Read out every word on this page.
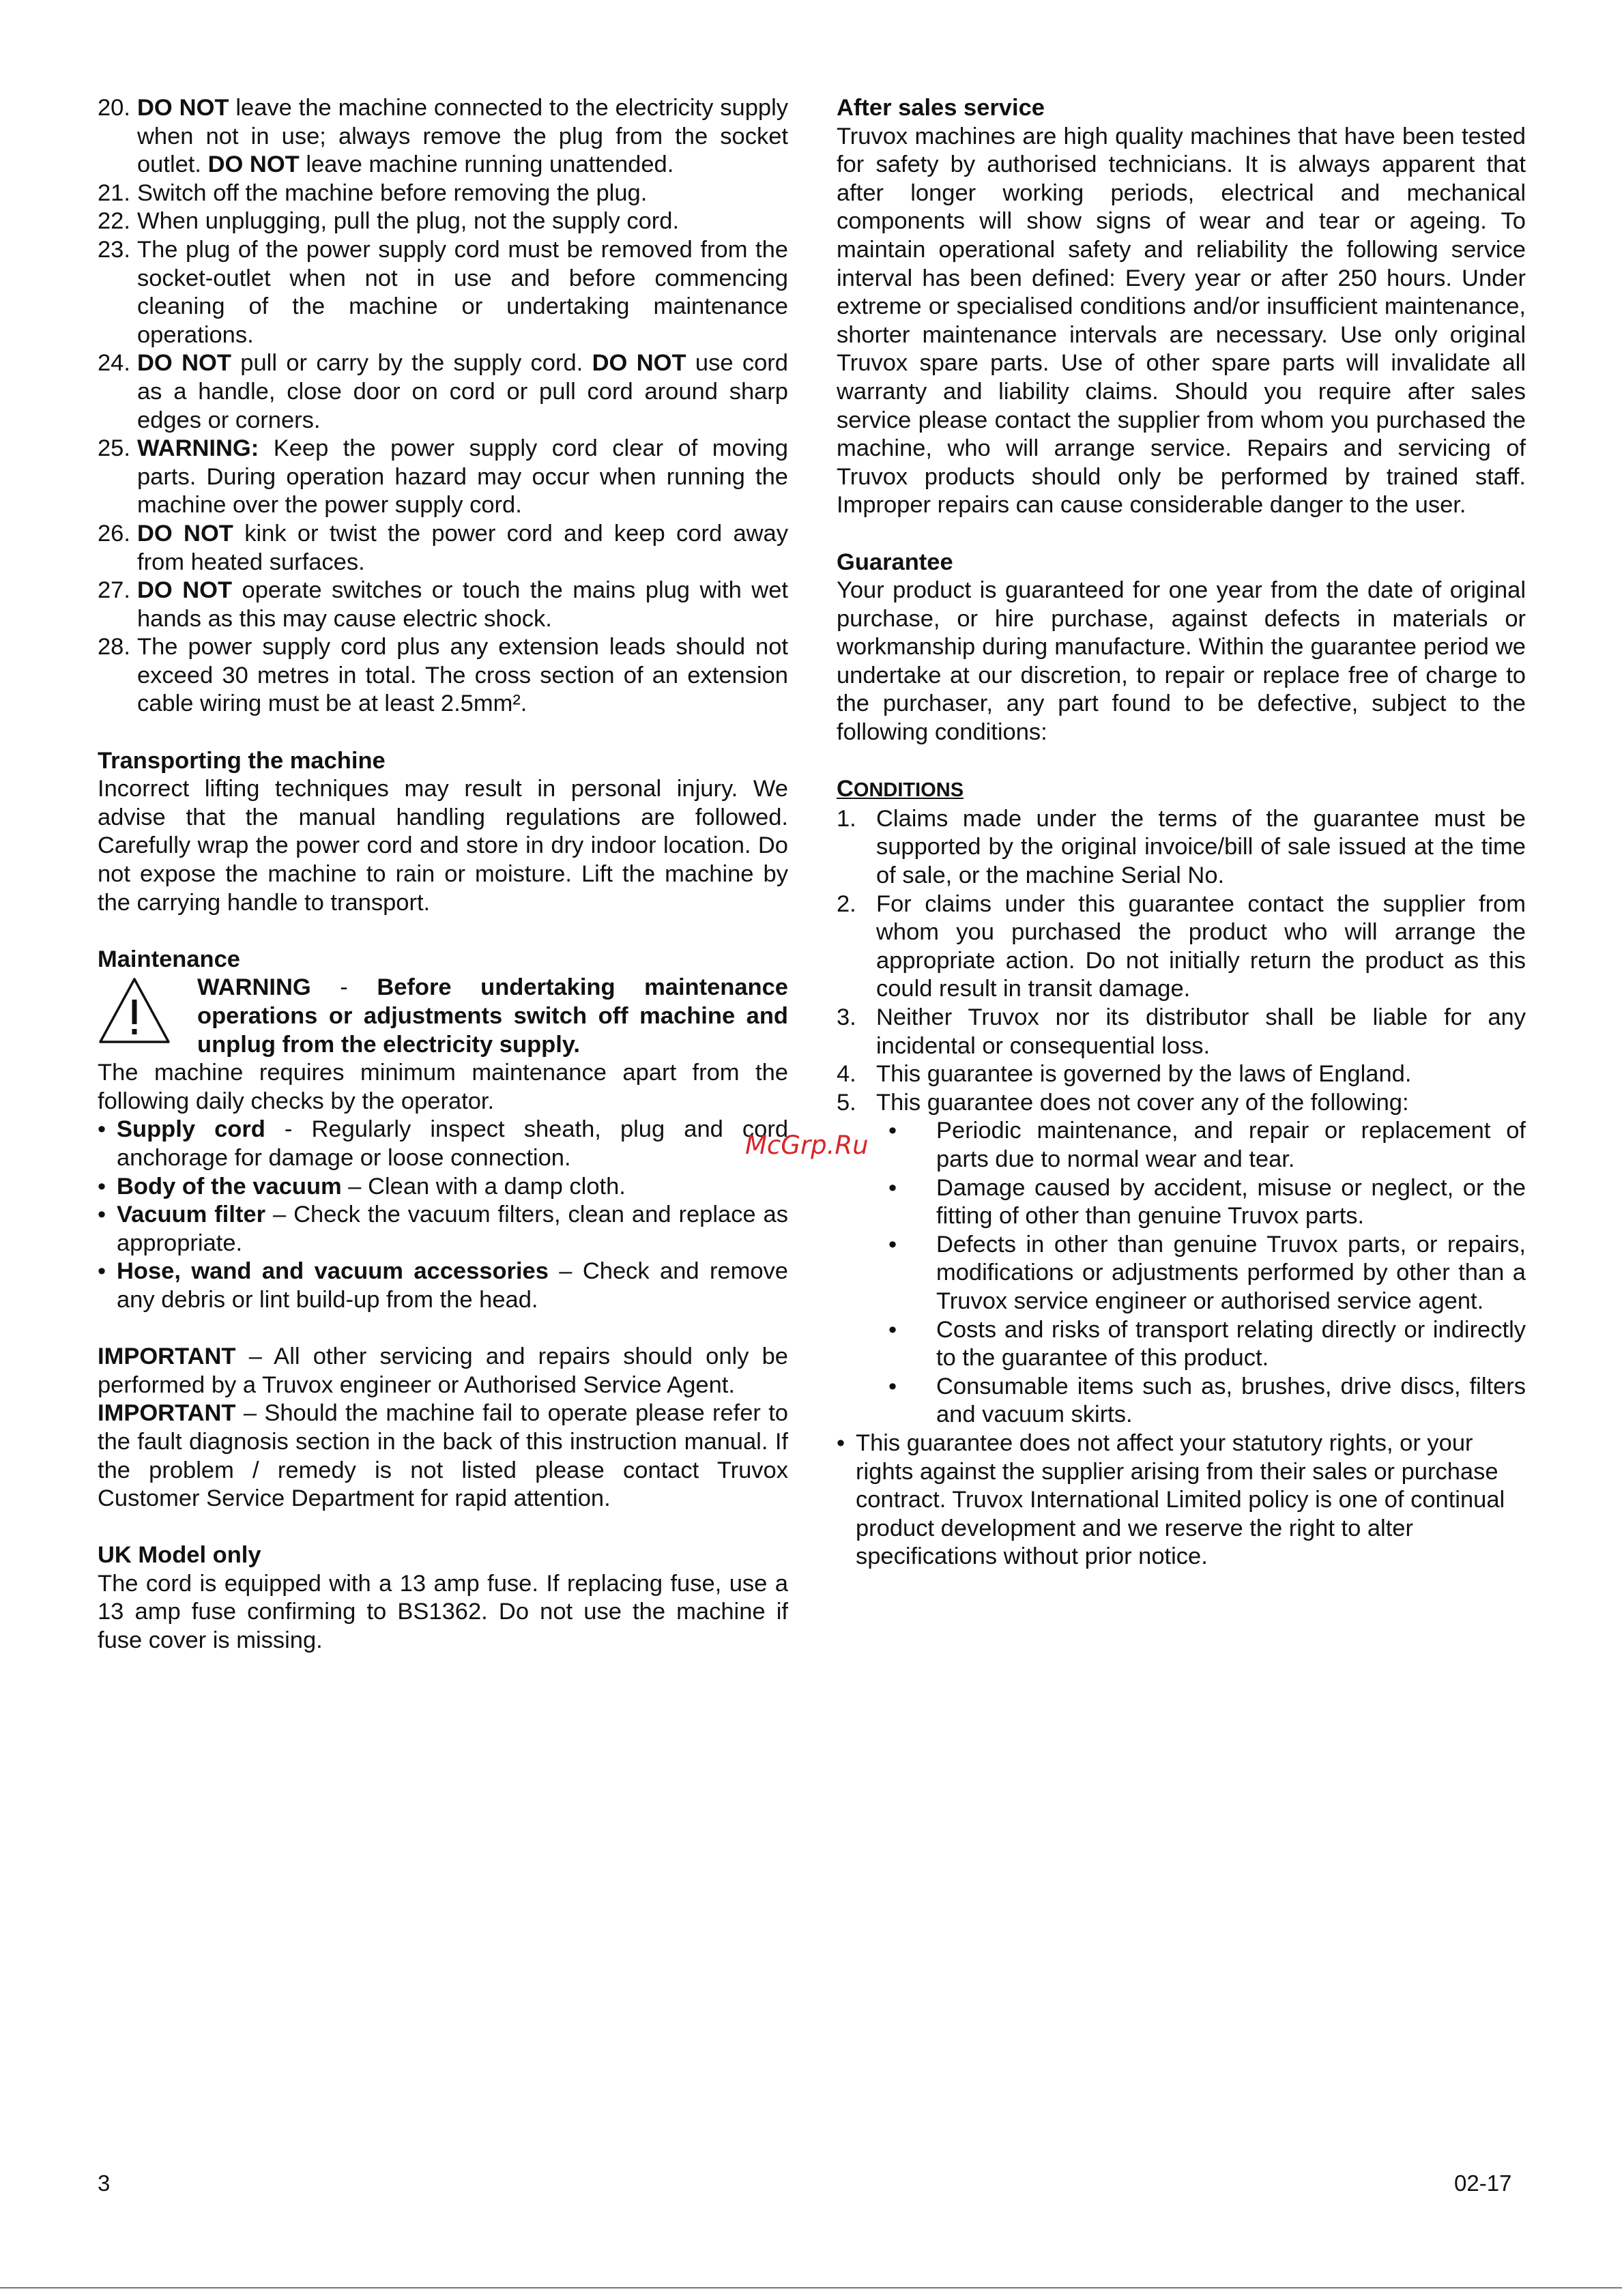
20. DO NOT leave the machine connected to the electricity supply when not in use; always remove the plug from the socket outlet. DO NOT leave machine running unattended.
21. Switch off the machine before removing the plug.
22. When unplugging, pull the plug, not the supply cord.
23. The plug of the power supply cord must be removed from the socket-outlet when not in use and before commencing cleaning of the machine or undertaking maintenance operations.
24. DO NOT pull or carry by the supply cord. DO NOT use cord as a handle, close door on cord or pull cord around sharp edges or corners.
25. WARNING: Keep the power supply cord clear of moving parts. During operation hazard may occur when running the machine over the power supply cord.
26. DO NOT kink or twist the power cord and keep cord away from heated surfaces.
27. DO NOT operate switches or touch the mains plug with wet hands as this may cause electric shock.
28. The power supply cord plus any extension leads should not exceed 30 metres in total. The cross section of an extension cable wiring must be at least 2.5mm².
Transporting the machine
Incorrect lifting techniques may result in personal injury. We advise that the manual handling regulations are followed. Carefully wrap the power cord and store in dry indoor location. Do not expose the machine to rain or moisture. Lift the machine by the carrying handle to transport.
Maintenance
WARNING - Before undertaking maintenance operations or adjustments switch off machine and unplug from the electricity supply.
The machine requires minimum maintenance apart from the following daily checks by the operator.
• Supply cord - Regularly inspect sheath, plug and cord anchorage for damage or loose connection.
• Body of the vacuum – Clean with a damp cloth.
• Vacuum filter – Check the vacuum filters, clean and replace as appropriate.
• Hose, wand and vacuum accessories – Check and remove any debris or lint build-up from the head.
IMPORTANT – All other servicing and repairs should only be performed by a Truvox engineer or Authorised Service Agent.
IMPORTANT – Should the machine fail to operate please refer to the fault diagnosis section in the back of this instruction manual. If the problem / remedy is not listed please contact Truvox Customer Service Department for rapid attention.
UK Model only
The cord is equipped with a 13 amp fuse. If replacing fuse, use a 13 amp fuse confirming to BS1362. Do not use the machine if fuse cover is missing.
After sales service
Truvox machines are high quality machines that have been tested for safety by authorised technicians. It is always apparent that after longer working periods, electrical and mechanical components will show signs of wear and tear or ageing. To maintain operational safety and reliability the following service interval has been defined: Every year or after 250 hours. Under extreme or specialised conditions and/or insufficient maintenance, shorter maintenance intervals are necessary. Use only original Truvox spare parts. Use of other spare parts will invalidate all warranty and liability claims. Should you require after sales service please contact the supplier from whom you purchased the machine, who will arrange service. Repairs and servicing of Truvox products should only be performed by trained staff. Improper repairs can cause considerable danger to the user.
Guarantee
Your product is guaranteed for one year from the date of original purchase, or hire purchase, against defects in materials or workmanship during manufacture. Within the guarantee period we undertake at our discretion, to repair or replace free of charge to the purchaser, any part found to be defective, subject to the following conditions:
CONDITIONS
1. Claims made under the terms of the guarantee must be supported by the original invoice/bill of sale issued at the time of sale, or the machine Serial No.
2. For claims under this guarantee contact the supplier from whom you purchased the product who will arrange the appropriate action. Do not initially return the product as this could result in transit damage.
3. Neither Truvox nor its distributor shall be liable for any incidental or consequential loss.
4. This guarantee is governed by the laws of England.
5. This guarantee does not cover any of the following:
• Periodic maintenance, and repair or replacement of parts due to normal wear and tear.
• Damage caused by accident, misuse or neglect, or the fitting of other than genuine Truvox parts.
• Defects in other than genuine Truvox parts, or repairs, modifications or adjustments performed by other than a Truvox service engineer or authorised service agent.
• Costs and risks of transport relating directly or indirectly to the guarantee of this product.
• Consumable items such as, brushes, drive discs, filters and vacuum skirts.
• This guarantee does not affect your statutory rights, or your rights against the supplier arising from their sales or purchase contract. Truvox International Limited policy is one of continual product development and we reserve the right to alter specifications without prior notice.
McGrp.Ru
3	02-17
